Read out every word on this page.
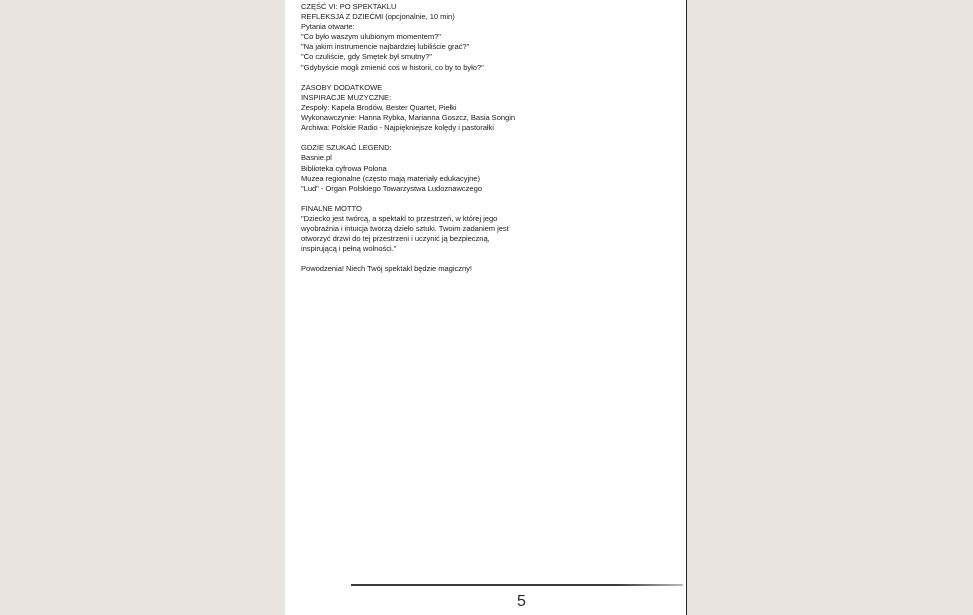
CZĘŚĆ VI: PO SPEKTAKLU
REFLEKSJA Z DZIEĆMI (opcjonalnie, 10 min)
Pytania otwarte:
"Co było waszym ulubionym momentem?"
"Na jakim instrumencie najbardziej lubiliście grać?"
"Co czuliście, gdy Smętek był smutny?"
"Gdybyście mogli zmienić coś w historii, co by to było?"
ZASOBY DODATKOWE
INSPIRACJE MUZYCZNE:
Zespoły: Kapela Brodów, Bester Quartet, Piełki
Wykonawczynie: Hanna Rybka, Marianna Goszcz, Basia Songin
Archiwa: Polskie Radio - Najpiękniejsze kolędy i pastorałki
GDZIE SZUKAĆ LEGEND:
Basnie.pl
Biblioteka cyfrowa Polona
Muzea regionalne (często mają materiały edukacyjne)
"Lud" - Organ Polskiego Towarzystwa Ludoznawczego
FINALNE MOTTO
"Dziecko jest twórcą, a spektakl to przestrzeń, w której jego
wyobraźnia i intuicja tworzą dzieło sztuki. Twoim zadaniem jest
otworzyć drzwi do tej przestrzeni i uczynić ją bezpieczną,
inspirującą i pełną wolności."
Powodzenia! Niech Twój spektakl będzie magiczny!
5
